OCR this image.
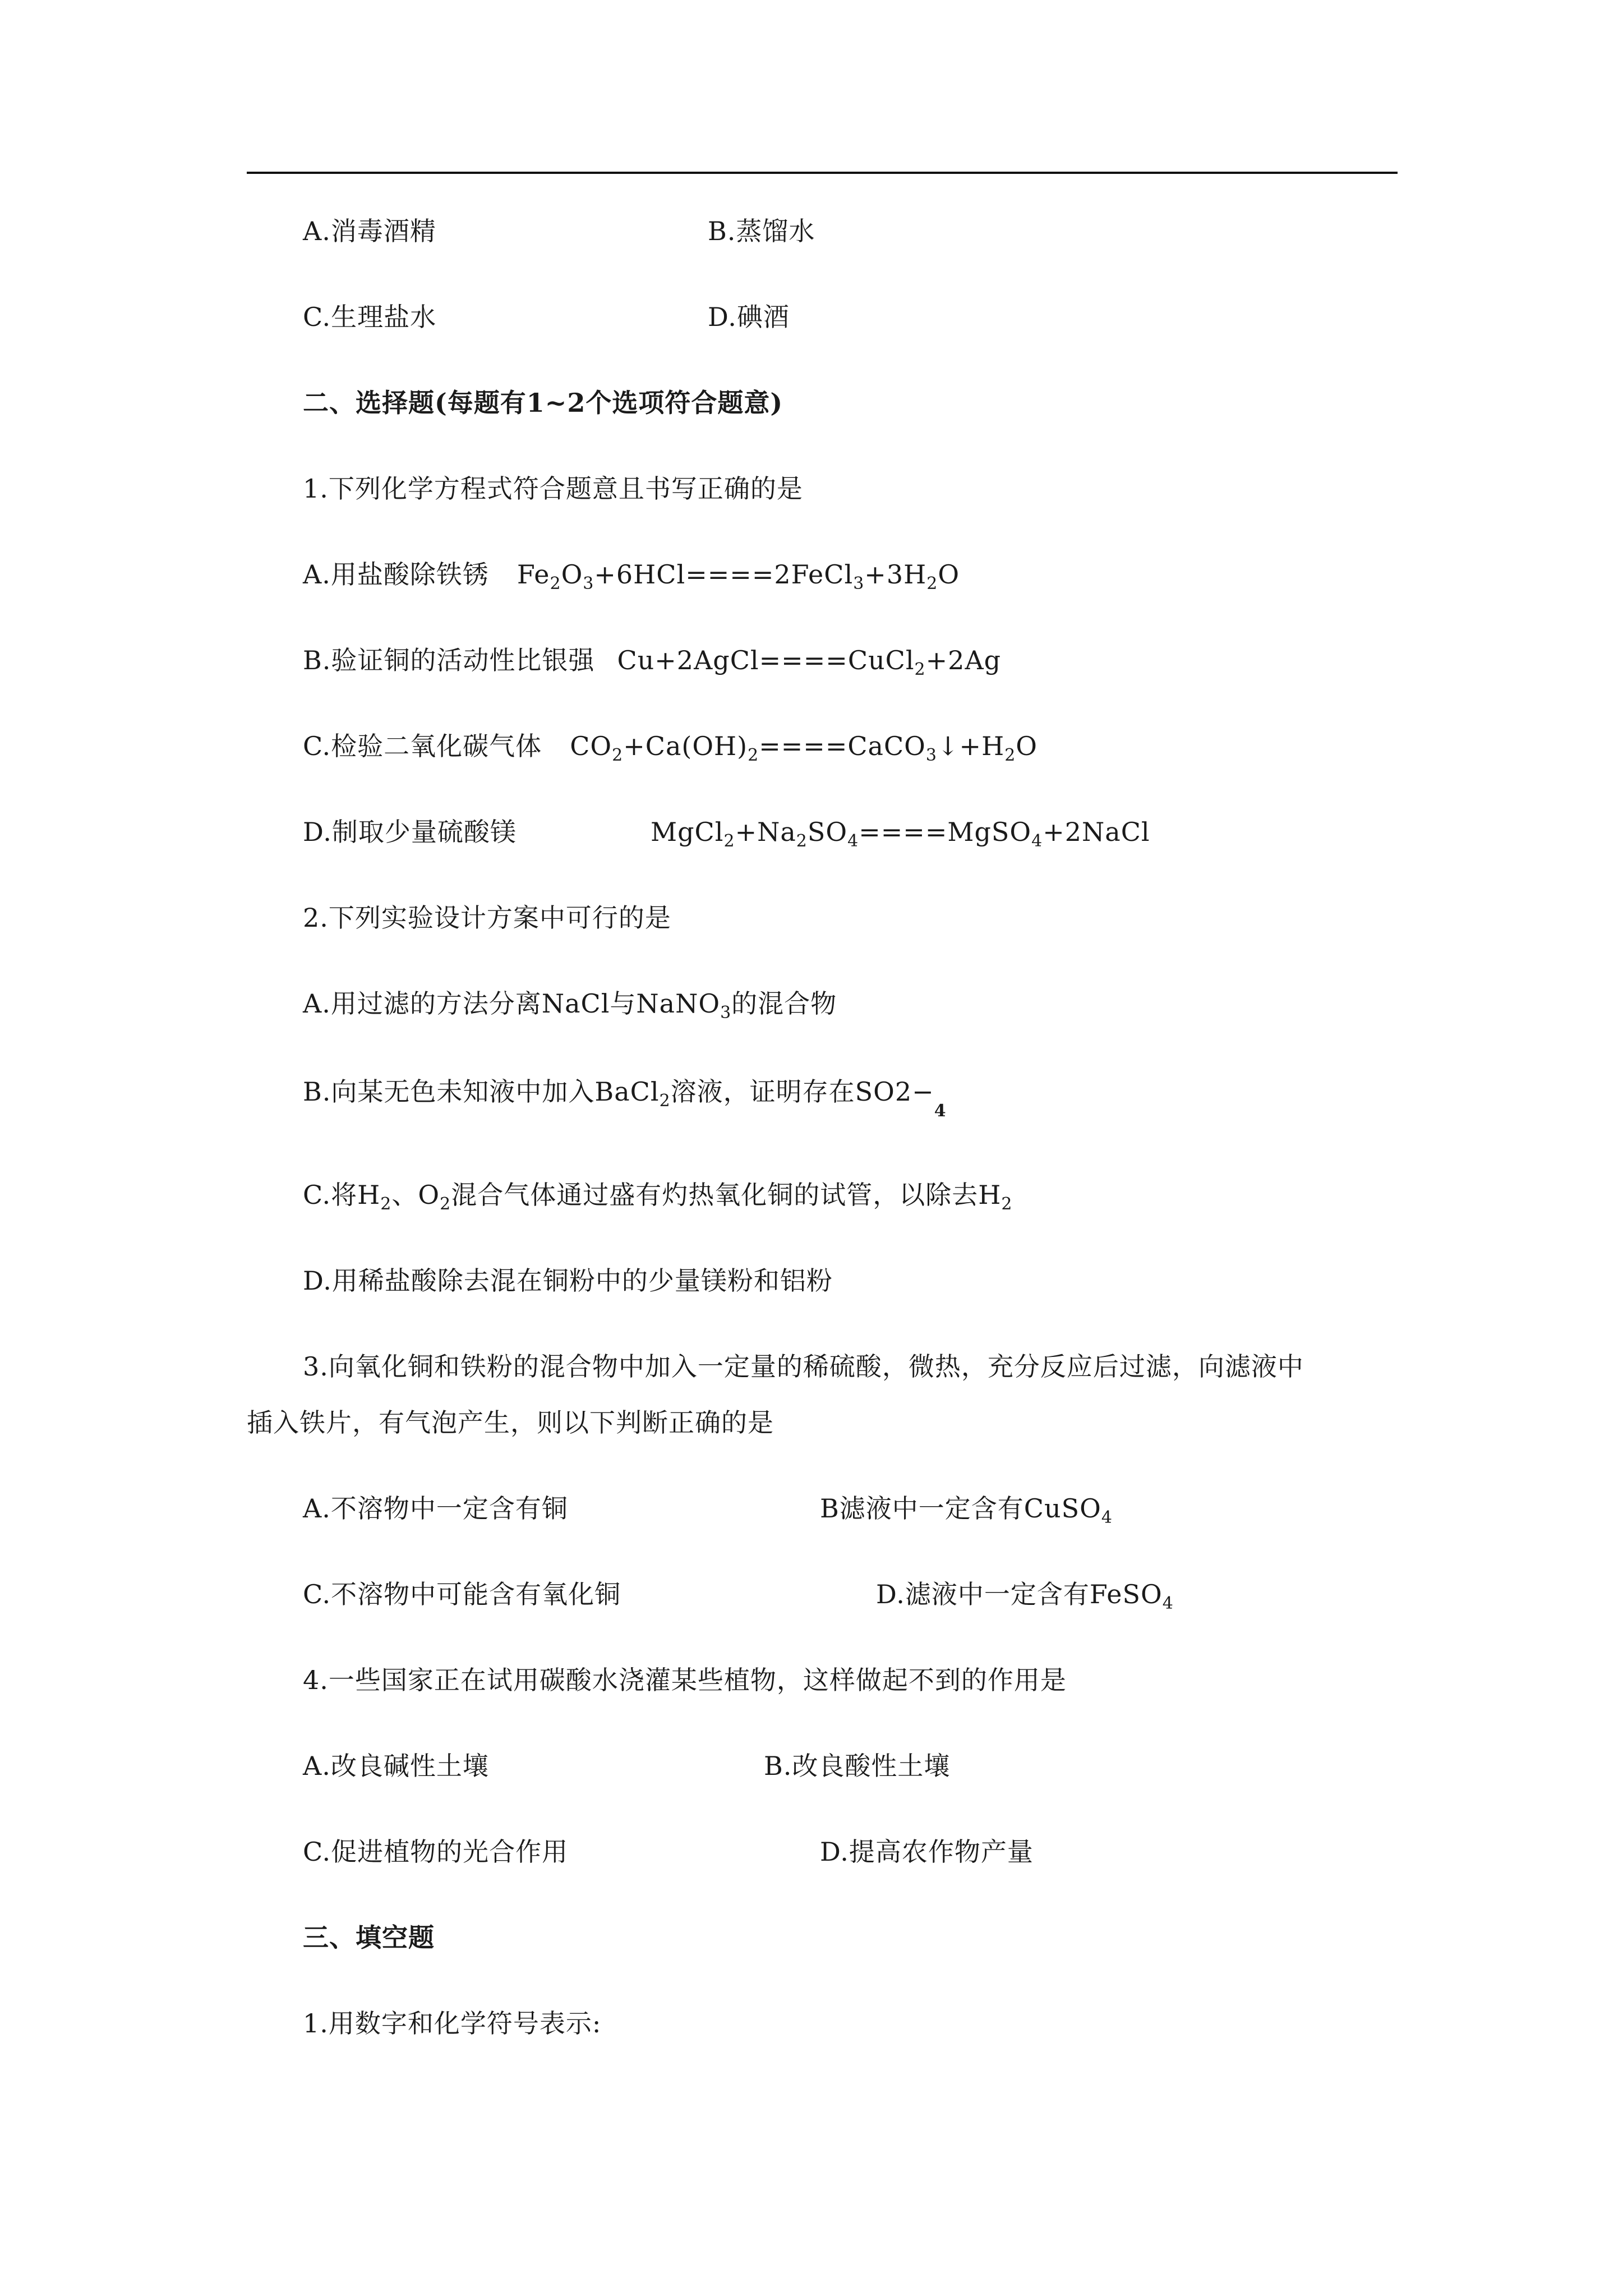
A.消毒酒精	B.蒸馏水
C.生理盐水	D.碘酒
二、选择题(每题有1~2个选项符合题意)
1.下列化学方程式符合题意且书写正确的是
A.用盐酸除铁锈 $Fe_2O_3+6HCl====2FeCl_3+3H_2O$
B.验证铜的活动性比银强 Cu+2AgCl====CuCl$_2$+2Ag
C.检验二氧化碳气体 $CO_2+Ca(OH)_2====CaCO_3↓+H_2O$
D.制取少量硫酸镁	$MgCl_2+Na_2SO_4====MgSO_4+2NaCl$
2.下列实验设计方案中可行的是
A.用过滤的方法分离NaCl与NaNO$_3$的混合物
B.向某无色未知液中加入BaCl$_2$溶液，证明存在SO2−
4
C.将$H_2$、$O_2$混合气体通过盛有灼热氧化铜的试管，以除去$H_2$
D.用稀盐酸除去混在铜粉中的少量镁粉和铝粉
3.向氧化铜和铁粉的混合物中加入一定量的稀硫酸，微热，充分反应后过滤，向滤液中
插入铁片，有气泡产生，则以下判断正确的是
A.不溶物中一定含有铜	B滤液中一定含有CuSO$_4$
C.不溶物中可能含有氧化铜	D.滤液中一定含有FeSO$_4$
4.一些国家正在试用碳酸水浇灌某些植物，这样做起不到的作用是
A.改良碱性土壤	B.改良酸性土壤
C.促进植物的光合作用	D.提高农作物产量
三、填空题
1.用数字和化学符号表示:
